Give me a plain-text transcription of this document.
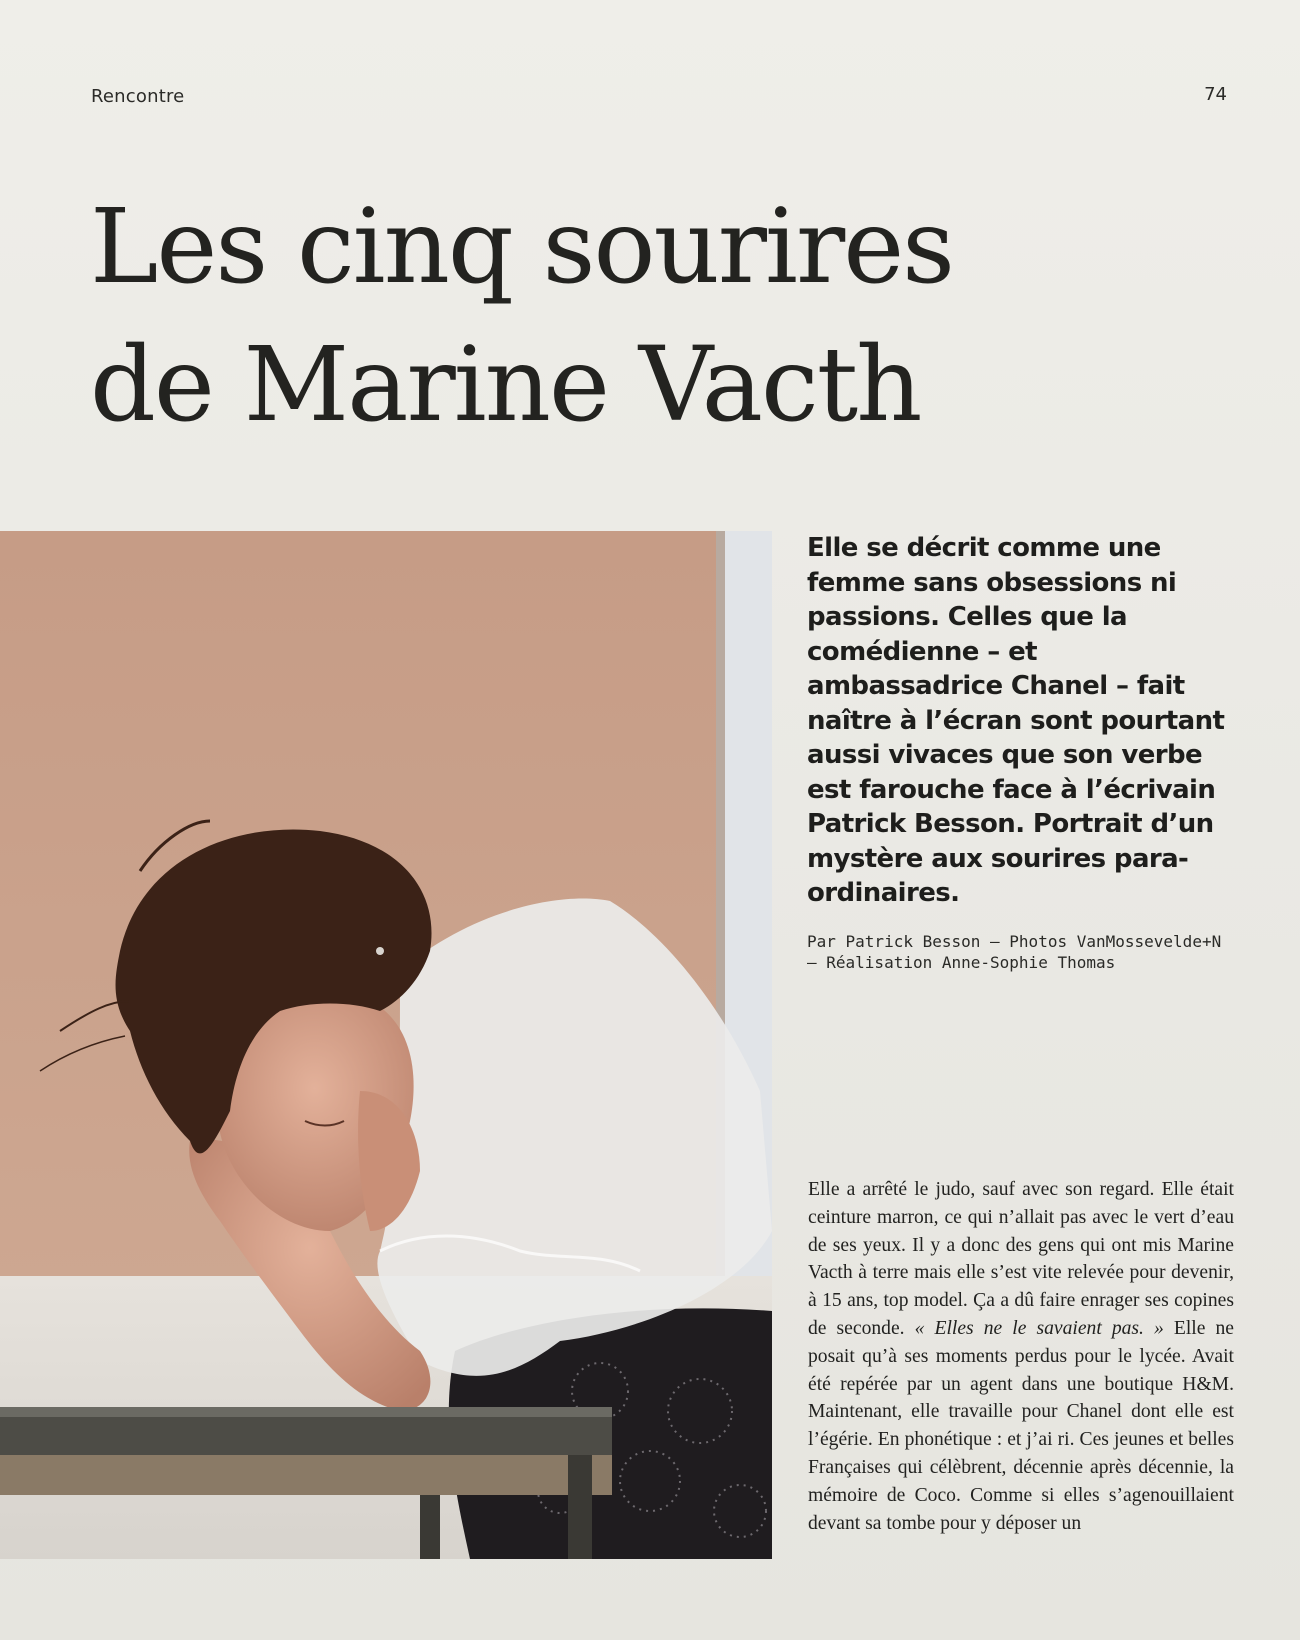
Rencontre	74
Les cinq sourires
de Marine Vacth

Elle se décrit comme une femme sans obsessions ni passions. Celles que la comédienne – et ambassadrice Chanel – fait naître à l’écran sont pourtant aussi vivaces que son verbe est farouche face à l’écrivain Patrick Besson. Portrait d’un mystère aux sourires para-ordinaires.

Par Patrick Besson — Photos VanMossevelde+N — Réalisation Anne-Sophie Thomas

Elle a arrêté le judo, sauf avec son regard. Elle était ceinture marron, ce qui n’allait pas avec le vert d’eau de ses yeux. Il y a donc des gens qui ont mis Marine Vacth à terre mais elle s’est vite relevée pour devenir, à 15 ans, top model. Ça a dû faire enrager ses copines de seconde. « Elles ne le savaient pas. » Elle ne posait qu’à ses moments perdus pour le lycée. Avait été repérée par un agent dans une boutique H&M. Maintenant, elle travaille pour Chanel dont elle est l’égérie. En phonétique : et j’ai ri. Ces jeunes et belles Françaises qui célèbrent, décennie après décennie, la mémoire de Coco. Comme si elles s’agenouillaient devant sa tombe pour y déposer un
